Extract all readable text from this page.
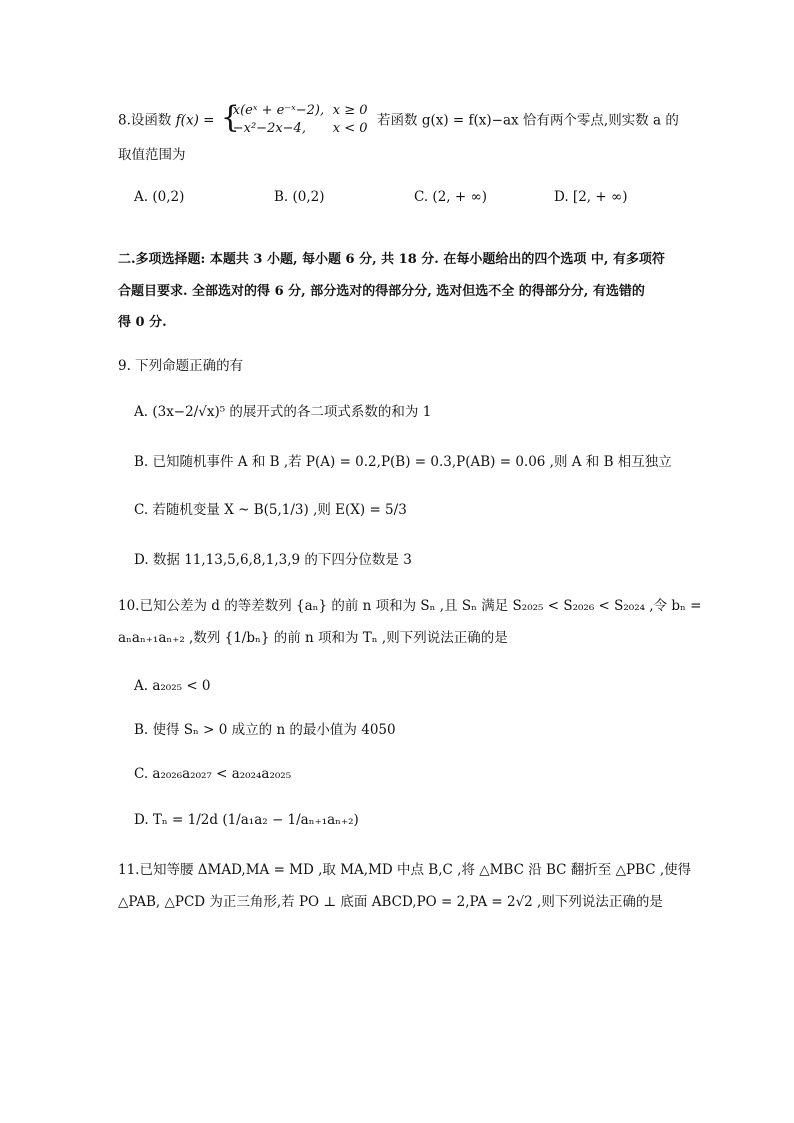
8.设函数 f(x) = {
x(eˣ + e⁻ˣ−2), x ≥ 0
−x²−2x−4, x < 0 若函数 g(x) = f(x)−ax 恰有两个零点,则实数 a 的
取值范围为
A. (0,2)	B. (0,2)	C. (2, + ∞)	D. [2, + ∞)
二.多项选择题: 本题共 3 小题, 每小题 6 分, 共 18 分. 在每小题给出的四个选项 中, 有多项符
合题目要求. 全部选对的得 6 分, 部分选对的得部分分, 选对但选不全 的得部分分, 有选错的
得 0 分.
9. 下列命题正确的有
A. (3x−2/√x)⁵ 的展开式的各二项式系数的和为 1
B. 已知随机事件 A 和 B ,若 P(A) = 0.2,P(B) = 0.3,P(AB) = 0.06 ,则 A 和 B 相互独立
C. 若随机变量 X ~ B(5,1/3) ,则 E(X) = 5/3
D. 数据 11,13,5,6,8,1,3,9 的下四分位数是 3
10.已知公差为 d 的等差数列 {aₙ} 的前 n 项和为 Sₙ ,且 Sₙ 满足 S₂₀₂₅ < S₂₀₂₆ < S₂₀₂₄ ,令 bₙ =
aₙaₙ₊₁aₙ₊₂ ,数列 {1/bₙ} 的前 n 项和为 Tₙ ,则下列说法正确的是
A. a₂₀₂₅ < 0
B. 使得 Sₙ > 0 成立的 n 的最小值为 4050
C. a₂₀₂₆a₂₀₂₇ < a₂₀₂₄a₂₀₂₅
D. Tₙ = 1/2d (1/a₁a₂ − 1/aₙ₊₁aₙ₊₂)
11.已知等腰 ΔMAD,MA = MD ,取 MA,MD 中点 B,C ,将 △MBC 沿 BC 翻折至 △PBC ,使得
△PAB, △PCD 为正三角形,若 PO ⊥ 底面 ABCD,PO = 2,PA = 2√2 ,则下列说法正确的是
